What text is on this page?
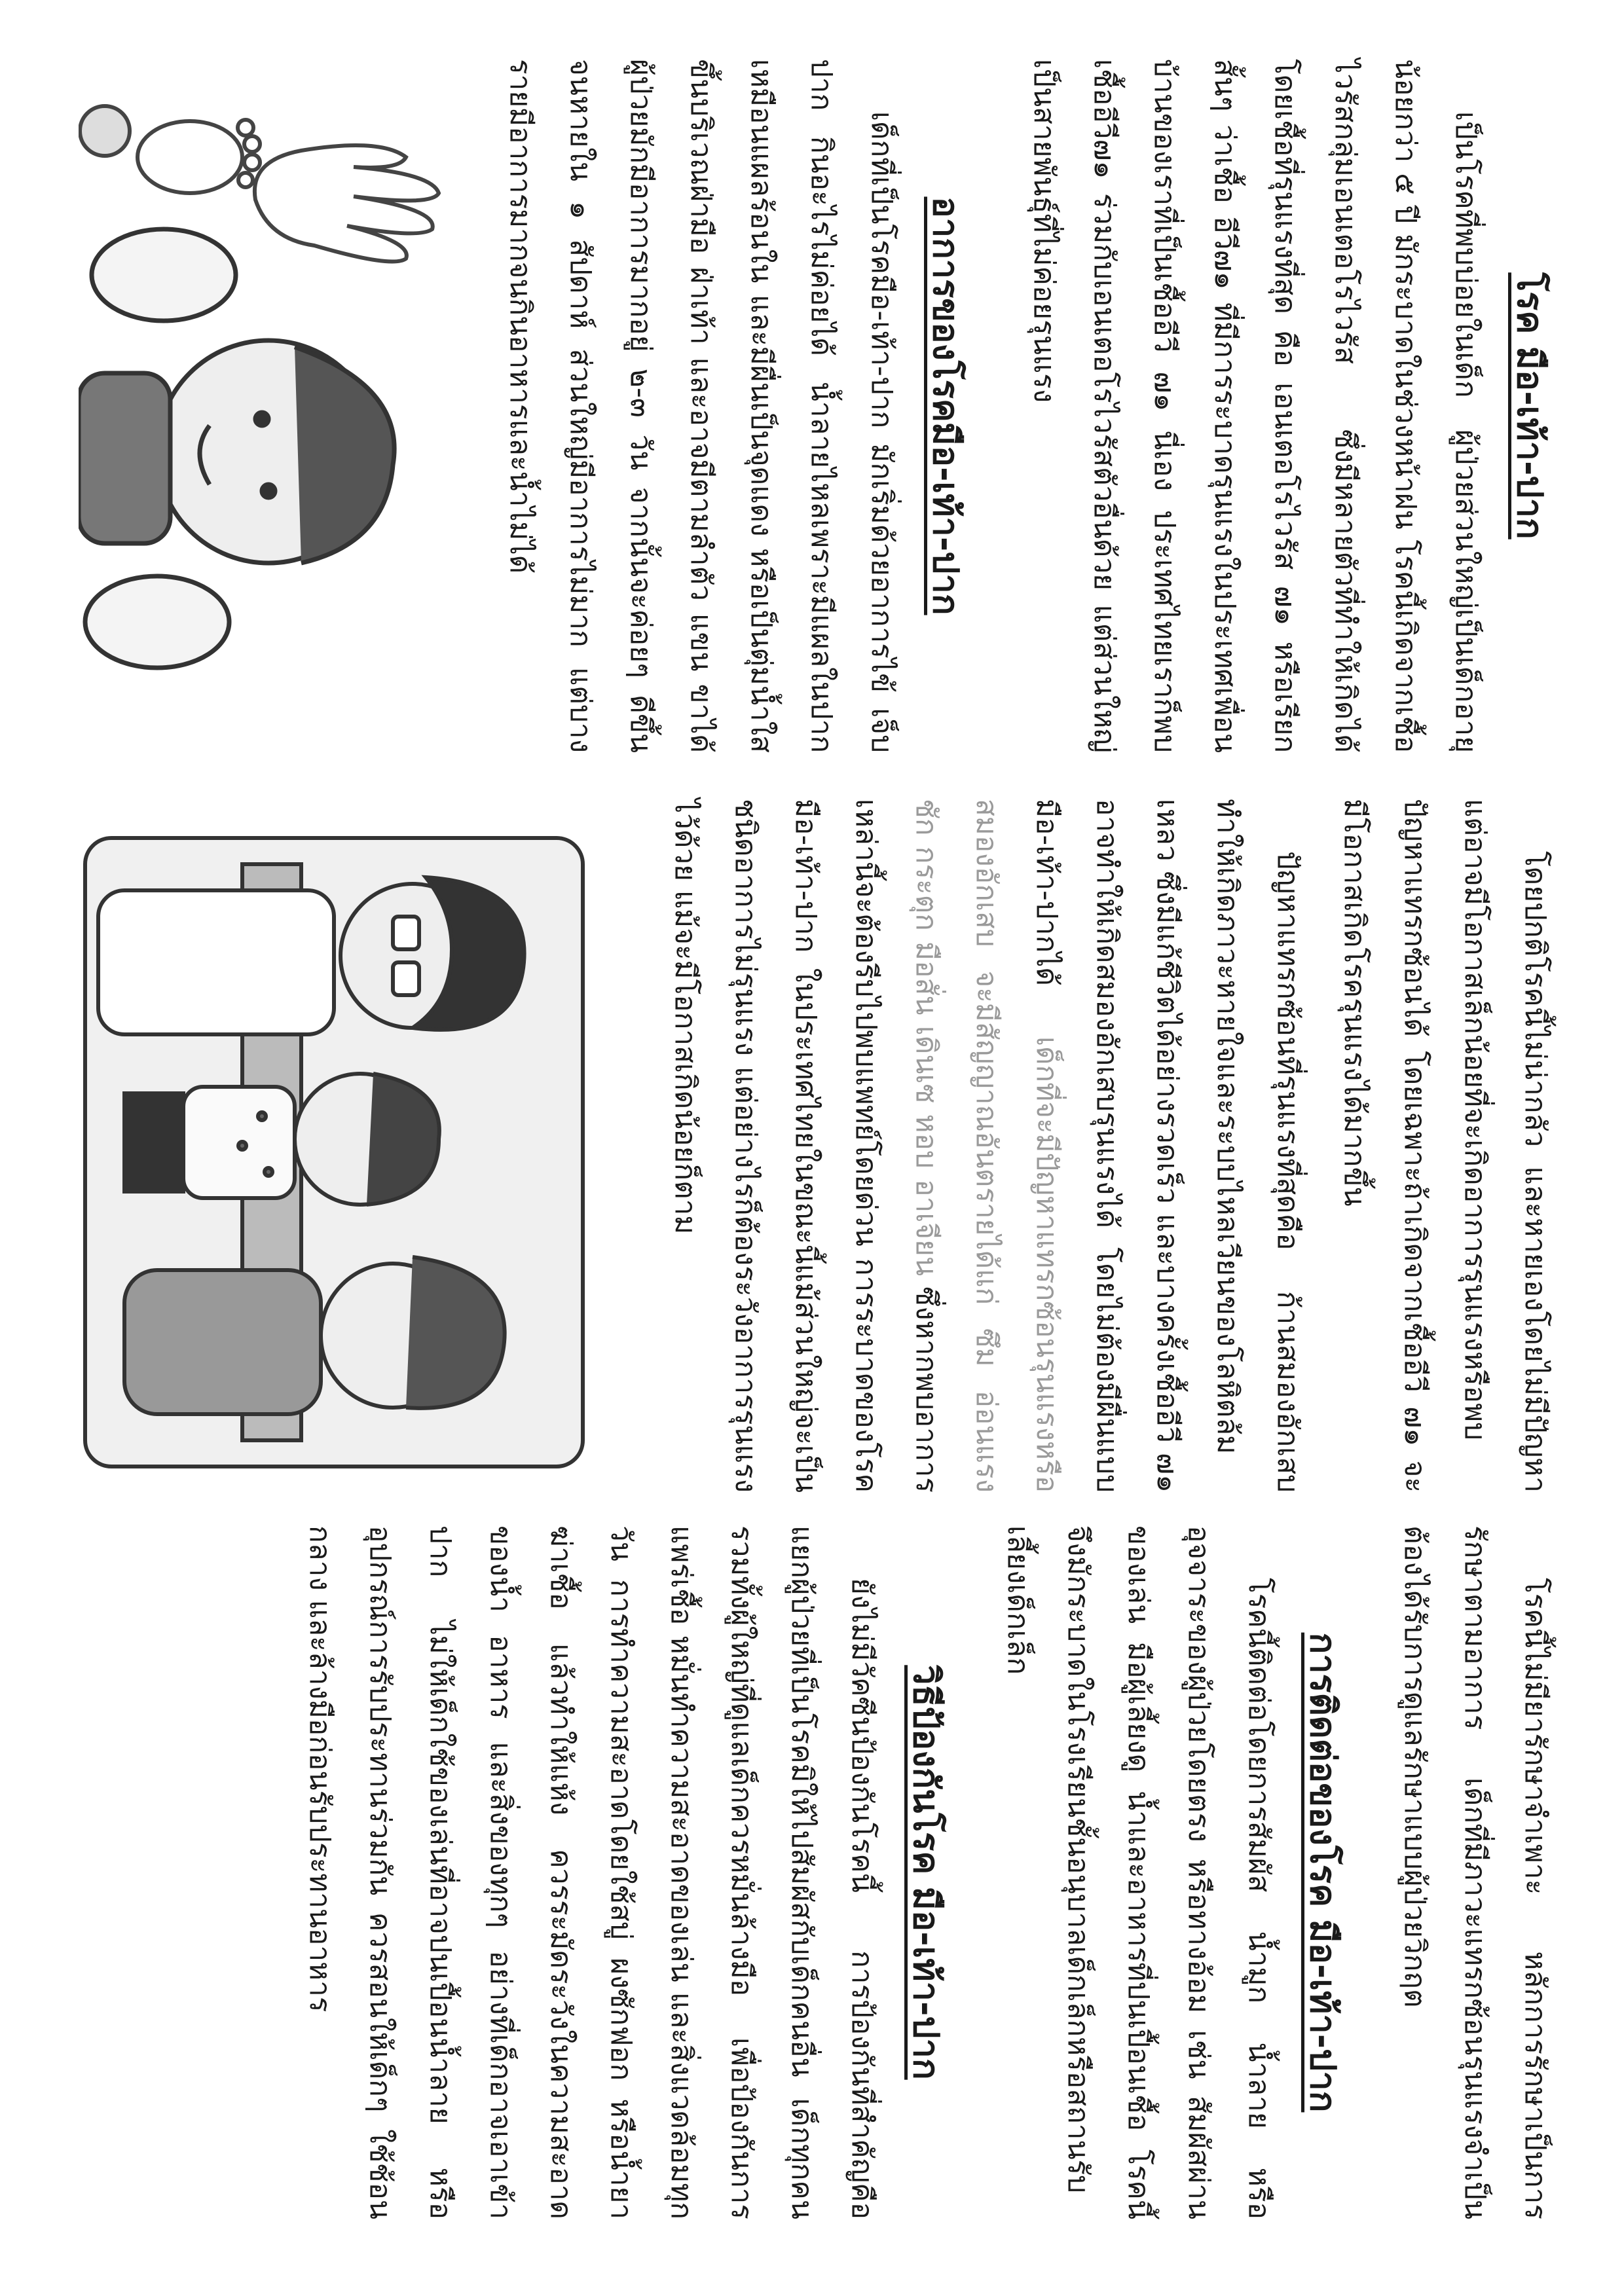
โรค มือ-เท้า-ปาก

เป็นโรคที่พบบ่อยในเด็ก ผู้ป่วยส่วนใหญ่เป็นเด็กอายุน้อยกว่า ๕ ปี มักระบาดในช่วงหน้าฝน โรคนี้เกิดจากเชื้อไวรัสกลุ่มเอนเตอโรไวรัส ซึ่งมีหลายตัวที่ทำให้เกิดได้ โดยเชื้อที่รุนแรงที่สุด คือ เอนเตอโรไวรัส ๗๑ หรือเรียกสั้นๆ ว่าเชื้อ อีวี๗๑ ที่มีการระบาดรุนแรงในประเทศเพื่อนบ้านของเราที่เป็นเชื้ออีวี ๗๑ นี่เอง ประเทศไทยเราก็พบเชื้ออีวี๗๑ ร่วมกับเอนเตอโรไวรัสตัวอื่นด้วย แต่ส่วนใหญ่เป็นสายพันธุ์ที่ไม่ค่อยรุนแรง

อาการของโรคมือ-เท้า-ปาก

เด็กที่เป็นโรคมือ-เท้า-ปาก มักเริ่มด้วยอาการไข้ เจ็บปาก กินอะไรไม่ค่อยได้ น้ำลายไหลเพราะมีแผลในปากเหมือนแผลร้อนใน และมีผื่นเป็นจุดแดง หรือเป็นตุ่มน้ำใสขึ้นบริเวณฝ่ามือ ฝ่าเท้า และอาจมีตามลำตัว แขน ขาได้ ผู้ป่วยมักมีอาการมากอยู่ ๒-๓ วัน จากนั้นจะค่อยๆ ดีขึ้นจนหายใน ๑ สัปดาห์ ส่วนใหญ่มีอาการไม่มาก แต่บางรายมีอาการมากจนกินอาหารและน้ำไม่ได้

โดยปกติโรคนี้ไม่น่ากลัว และหายเองโดยไม่มีปัญหา แต่อาจมีโอกาสเล็กน้อยที่จะเกิดอาการรุนแรงหรือพบปัญหาแทรกซ้อนได้ โดยเฉพาะถ้าเกิดจากเชื้ออีวี ๗๑ จะมีโอกาสเกิดโรครุนแรงได้มากขึ้น

ปัญหาแทรกซ้อนที่รุนแรงที่สุดคือ ก้านสมองอักเสบ ทำให้เกิดภาวะหายใจและระบบไหลเวียนของโลหิตล้มเหลว ซึ่งมีแก้ชีวิตได้อย่างรวดเร็ว และบางครั้งเชื้ออีวี ๗๑ อาจทำให้เกิดสมองอักเสบรุนแรงได้ โดยไม่ต้องมีผื่นแบบ มือ-เท้า-ปากได้ เด็กที่จะมีปัญหาแทรกซ้อนรุนแรงหรือสมองอักเสบ จะมีสัญญาณอันตรายได้แก่ ซึม อ่อนแรง ชัก กระตุก มือสั่น เดินเซ หอบ อาเจียน ซึ่งหากพบอาการเหล่านี้จะต้องรีบไปพบแพทย์โดยด่วน การระบาดของโรคมือ-เท้า-ปาก ในประเทศไทยในขณะนี้แม้ส่วนใหญ่จะเป็นชนิดอาการไม่รุนแรง แต่อย่างไรก็ต้องระวังอาการรุนแรงไว้ด้วย แม้จะมีโอกาสเกิดน้อยก็ตาม

โรคนี้ไม่มียารักษาจำเพาะ หลักการรักษาเป็นการรักษาตามอาการ เด็กที่มีภาวะแทรกซ้อนรุนแรงจำเป็นต้องได้รับการดูแลรักษาแบบผู้ป่วยวิกฤต

การติดต่อของโรค มือ-เท้า-ปาก

โรคนี้ติดต่อโดยการสัมผัส น้ำมูก น้ำลาย หรืออุจจาระของผู้ป่วยโดยตรง หรือทางอ้อม เช่น สัมผัสผ่านของเล่น มือผู้เลี้ยงดู น้ำและอาหารที่ปนเปื้อนเชื้อ โรคนี้จึงมักระบาดในโรงเรียนชั้นอนุบาลเด็กเล็กหรือสถานรับเลี้ยงเด็กเล็ก

วิธีป้องกันโรค มือ-เท้า-ปาก

ยังไม่มีวัคซีนป้องกันโรคนี้ การป้องกันที่สำคัญคือ แยกผู้ป่วยที่เป็นโรคมิให้ไปสัมผัสกับเด็กคนอื่น เด็กทุกคนรวมทั้งผู้ใหญ่ที่ดูแลเด็กควรหมั่นล้างมือ เพื่อป้องกันการแพร่เชื้อ หมั่นทำความสะอาดของเล่น และสิ่งแวดล้อมทุกวัน การทำความสะอาดโดยใช้สบู่ ผงซักฟอก หรือน้ำยาฆ่าเชื้อ แล้วทำให้แห้ง ควรระมัดระวังในความสะอาดของน้ำ อาหาร และสิ่งของทุกๆ อย่างที่เด็กอาจเอาเข้าปาก ไม่ให้เด็กใช้ของเล่นที่อาจปนเปื้อนน้ำลาย หรืออุปกรณ์การรับประทานร่วมกัน ควรสอนให้เด็กๆ ใช้ช้อนกลาง และล้างมือก่อนรับประทานอาหาร
